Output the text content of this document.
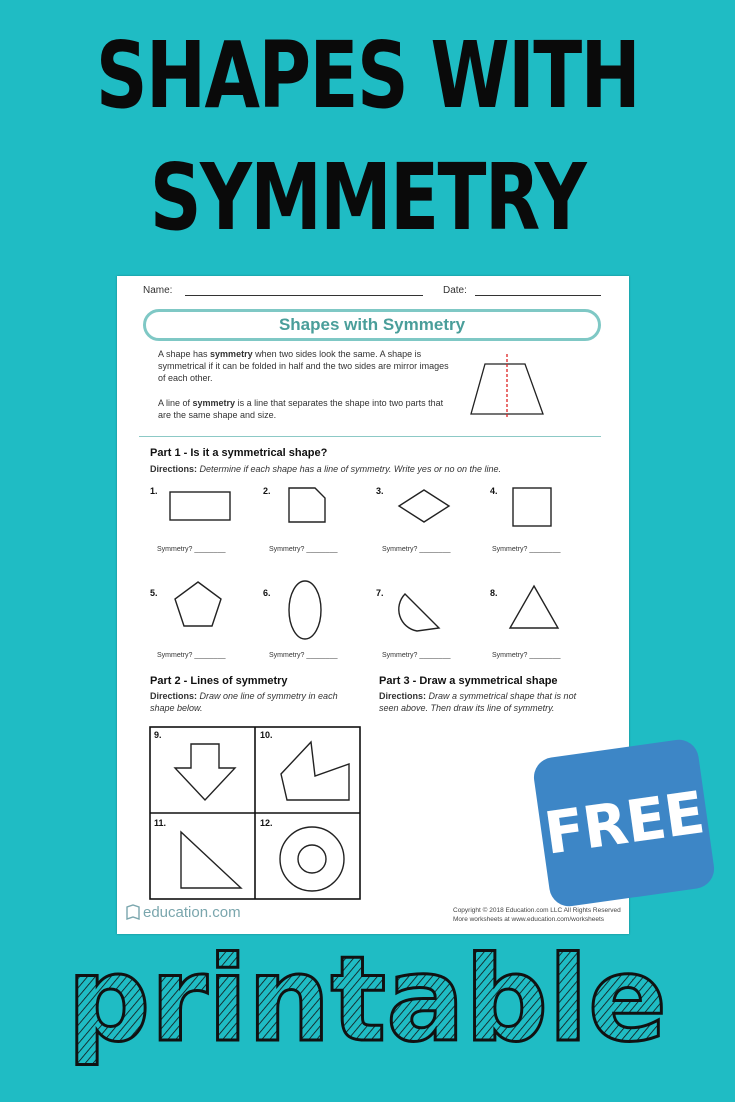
SHAPES WITH
SYMMETRY
Name:	Date:
Shapes with Symmetry
A shape has symmetry when two sides look the same. A shape is symmetrical if it can be folded in half and the two sides are mirror images of each other.
A line of symmetry is a line that separates the shape into two parts that are the same shape and size.
Part 1 - Is it a symmetrical shape?
Directions: Determine if each shape has a line of symmetry. Write yes or no on the line.
1.	2.	3.	4.
Symmetry? ________	Symmetry? ________	Symmetry? ________	Symmetry? ________
5.	6.	7.	8.
Symmetry? ________	Symmetry? ________	Symmetry? ________	Symmetry? ________
Part 2 - Lines of symmetry
Directions: Draw one line of symmetry in each shape below.
Part 3 - Draw a symmetrical shape
Directions: Draw a symmetrical shape that is not seen above. Then draw its line of symmetry.
9.	10.
11.	12.
education.com	Copyright © 2018 Education.com LLC All Rights Reserved
More worksheets at www.education.com/worksheets
FREE
printable
